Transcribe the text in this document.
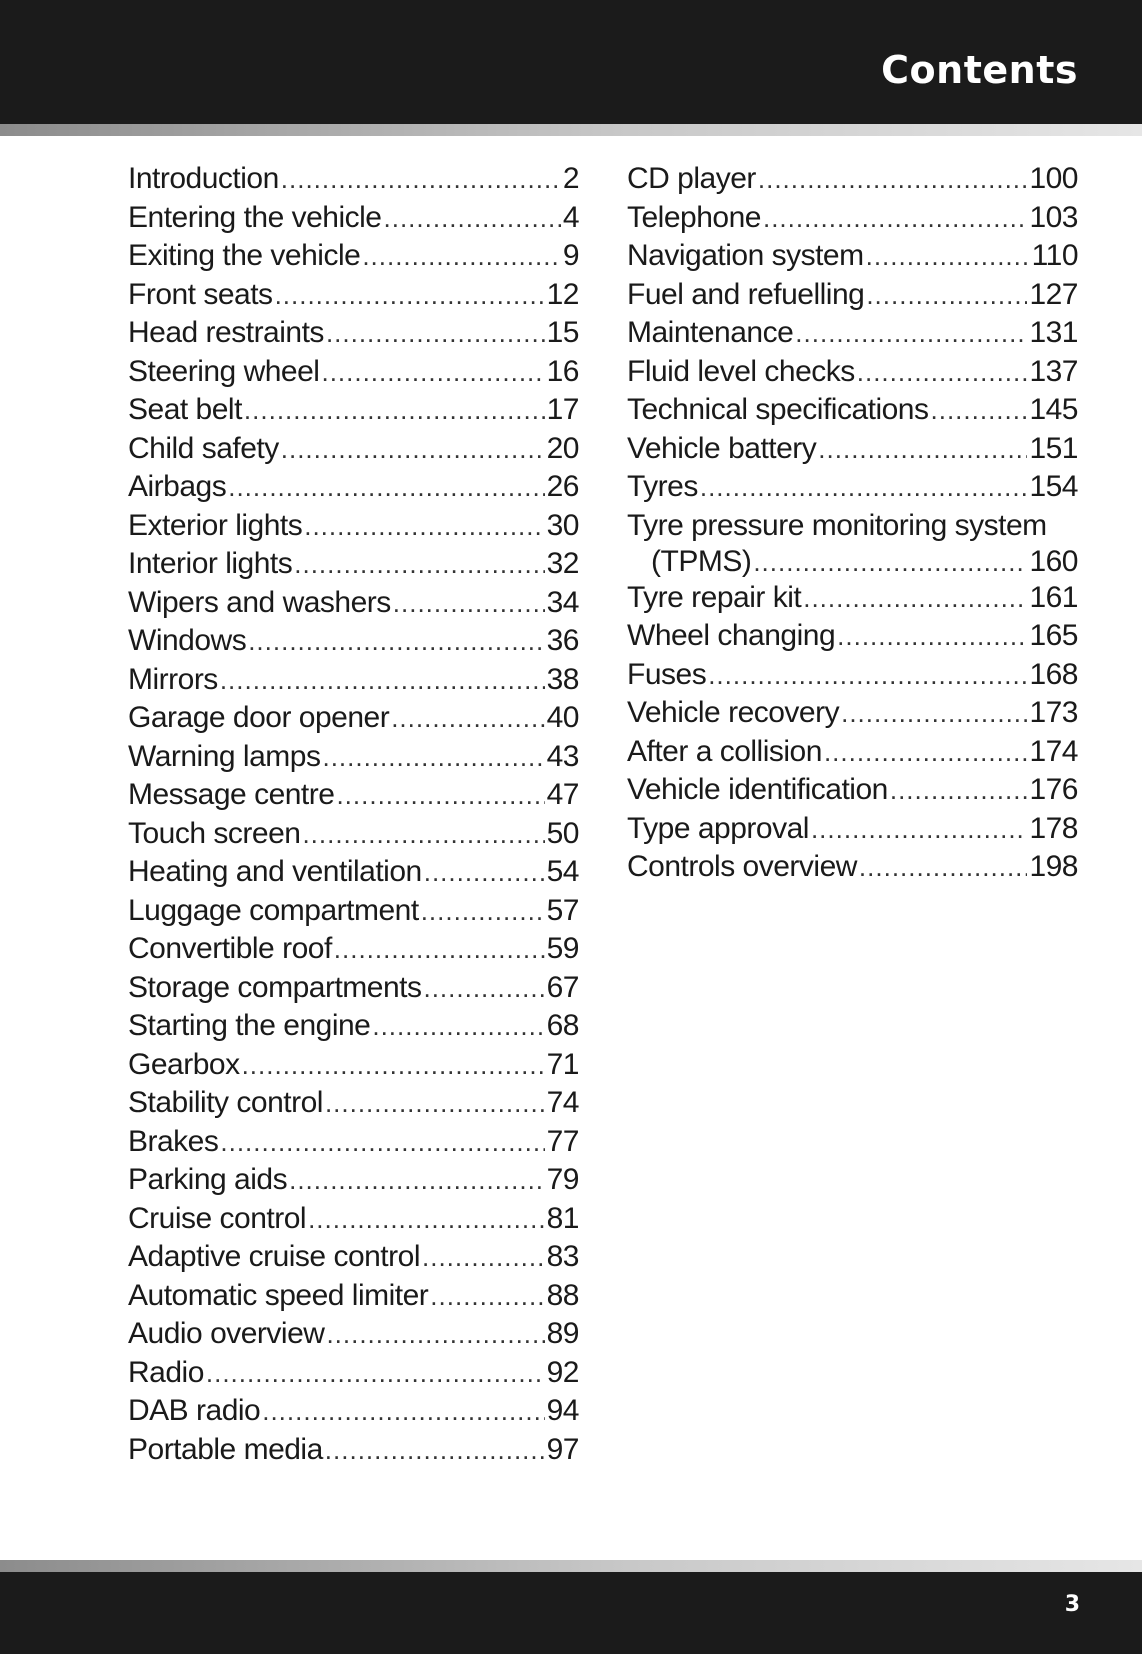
Contents
Introduction .....	2
Entering the vehicle .....	4
Exiting the vehicle .....	9
Front seats .....	12
Head restraints .....	15
Steering wheel .....	16
Seat belt .....	17
Child safety .....	20
Airbags .....	26
Exterior lights .....	30
Interior lights .....	32
Wipers and washers .....	34
Windows .....	36
Mirrors .....	38
Garage door opener .....	40
Warning lamps .....	43
Message centre .....	47
Touch screen .....	50
Heating and ventilation .....	54
Luggage compartment .....	57
Convertible roof .....	59
Storage compartments .....	67
Starting the engine .....	68
Gearbox .....	71
Stability control .....	74
Brakes .....	77
Parking aids .....	79
Cruise control .....	81
Adaptive cruise control .....	83
Automatic speed limiter .....	88
Audio overview .....	89
Radio .....	92
DAB radio .....	94
Portable media .....	97
CD player .....	100
Telephone .....	103
Navigation system .....	110
Fuel and refuelling .....	127
Maintenance .....	131
Fluid level checks .....	137
Technical specifications .....	145
Vehicle battery .....	151
Tyres .....	154
Tyre pressure monitoring system
(TPMS) .....	160
Tyre repair kit .....	161
Wheel changing .....	165
Fuses .....	168
Vehicle recovery .....	173
After a collision .....	174
Vehicle identification .....	176
Type approval .....	178
Controls overview .....	198
3
